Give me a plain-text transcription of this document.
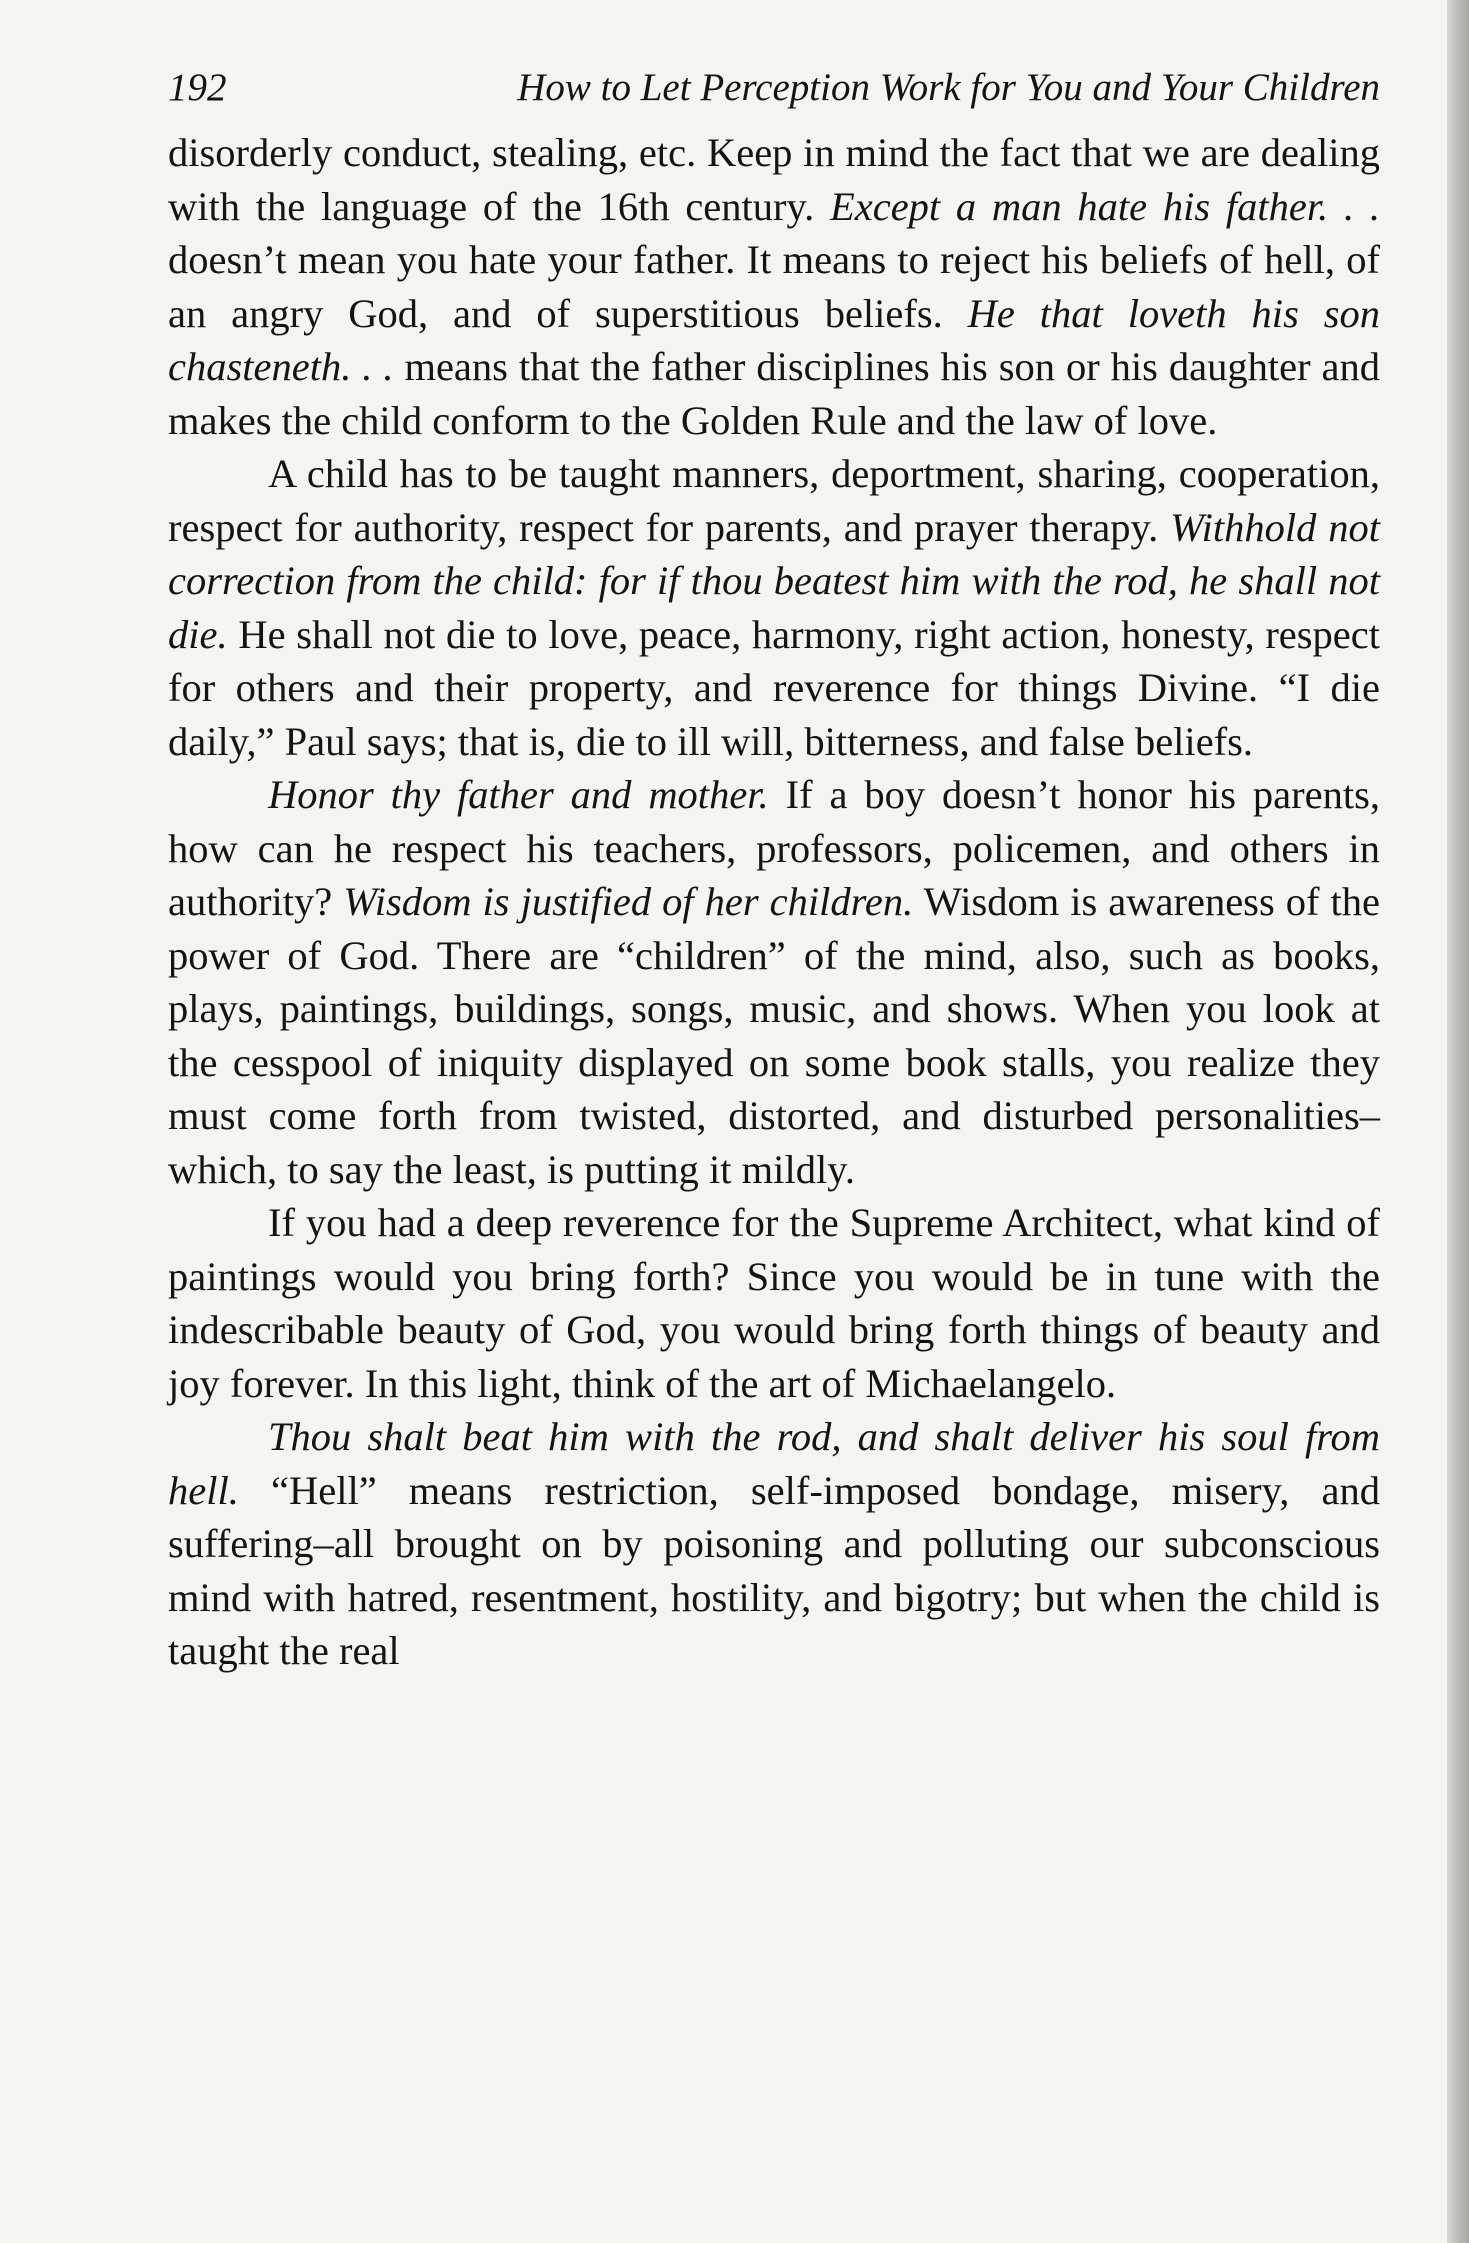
192	How to Let Perception Work for You and Your Children

disorderly conduct, stealing, etc. Keep in mind the fact that we are dealing with the language of the 16th century. Except a man hate his father. . . doesn’t mean you hate your father. It means to reject his beliefs of hell, of an angry God, and of superstitious beliefs. He that loveth his son chasteneth. . . means that the father disciplines his son or his daughter and makes the child conform to the Golden Rule and the law of love.

A child has to be taught manners, deportment, sharing, cooperation, respect for authority, respect for parents, and prayer therapy. Withhold not correction from the child: for if thou beatest him with the rod, he shall not die. He shall not die to love, peace, harmony, right action, honesty, respect for others and their property, and reverence for things Divine. “I die daily,” Paul says; that is, die to ill will, bitterness, and false beliefs.

Honor thy father and mother. If a boy doesn’t honor his parents, how can he respect his teachers, professors, policemen, and others in authority? Wisdom is justified of her children. Wisdom is awareness of the power of God. There are “children” of the mind, also, such as books, plays, paintings, buildings, songs, music, and shows. When you look at the cesspool of iniquity displayed on some book stalls, you realize they must come forth from twisted, distorted, and disturbed personalities–which, to say the least, is putting it mildly.

If you had a deep reverence for the Supreme Architect, what kind of paintings would you bring forth? Since you would be in tune with the indescribable beauty of God, you would bring forth things of beauty and joy forever. In this light, think of the art of Michaelangelo.

Thou shalt beat him with the rod, and shalt deliver his soul from hell. “Hell” means restriction, self-imposed bondage, misery, and suffering–all brought on by poisoning and polluting our subconscious mind with hatred, resentment, hostility, and bigotry; but when the child is taught the real
